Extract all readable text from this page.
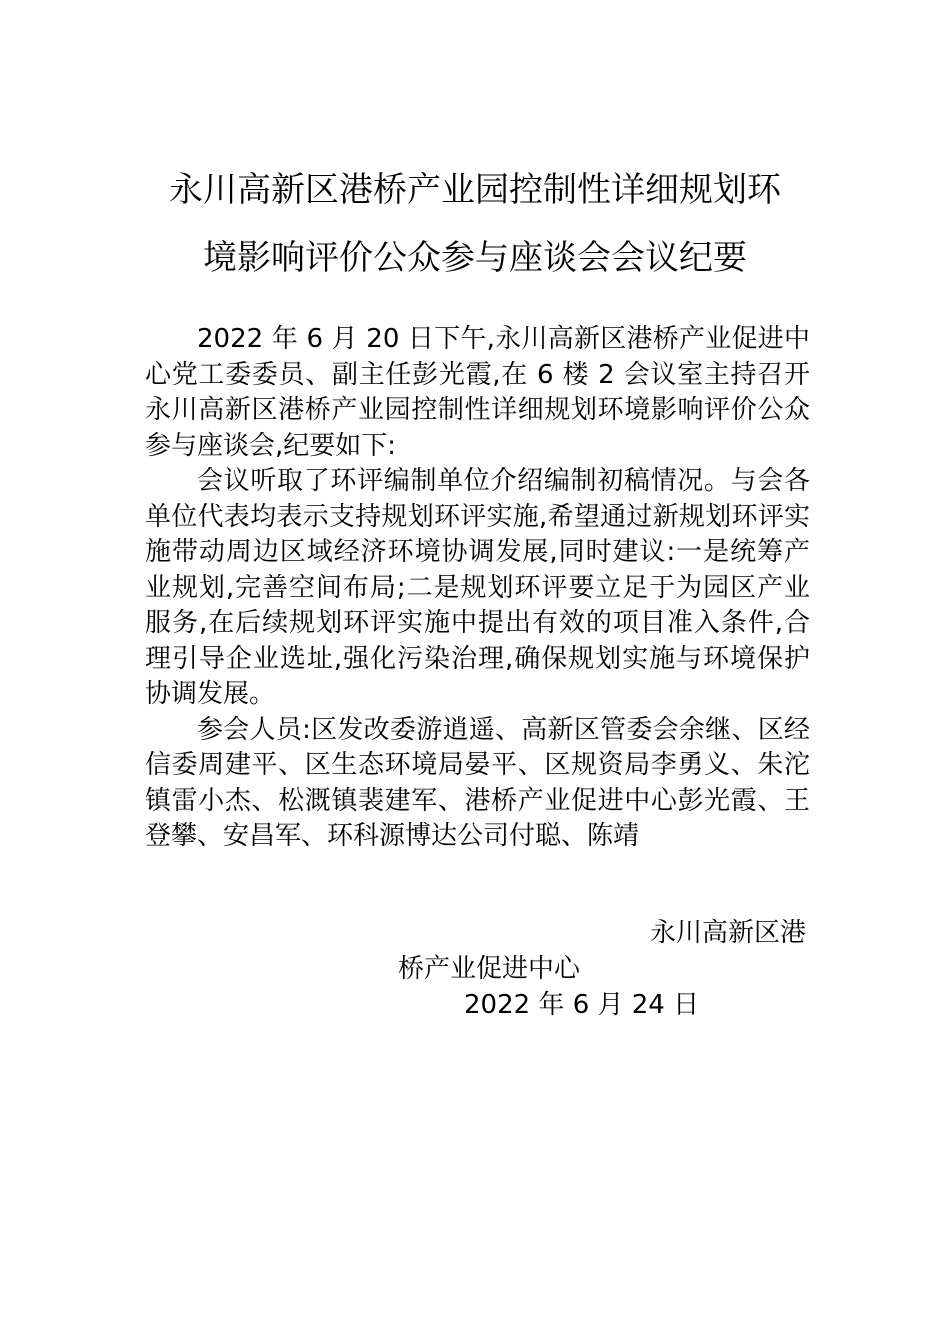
永川高新区港桥产业园控制性详细规划环
境影响评价公众参与座谈会会议纪要

2022 年 6 月 20 日下午,永川高新区港桥产业促进中心党工委委员、副主任彭光霞,在 6 楼 2 会议室主持召开永川高新区港桥产业园控制性详细规划环境影响评价公众参与座谈会,纪要如下:

会议听取了环评编制单位介绍编制初稿情况。与会各单位代表均表示支持规划环评实施,希望通过新规划环评实施带动周边区域经济环境协调发展,同时建议:一是统筹产业规划,完善空间布局;二是规划环评要立足于为园区产业服务,在后续规划环评实施中提出有效的项目准入条件,合理引导企业选址,强化污染治理,确保规划实施与环境保护协调发展。

参会人员:区发改委游逍遥、高新区管委会余继、区经信委周建平、区生态环境局晏平、区规资局李勇义、朱沱镇雷小杰、松溉镇裴建军、港桥产业促进中心彭光霞、王登攀、安昌军、环科源博达公司付聪、陈靖

永川高新区港
桥产业促进中心
2022 年 6 月 24 日
